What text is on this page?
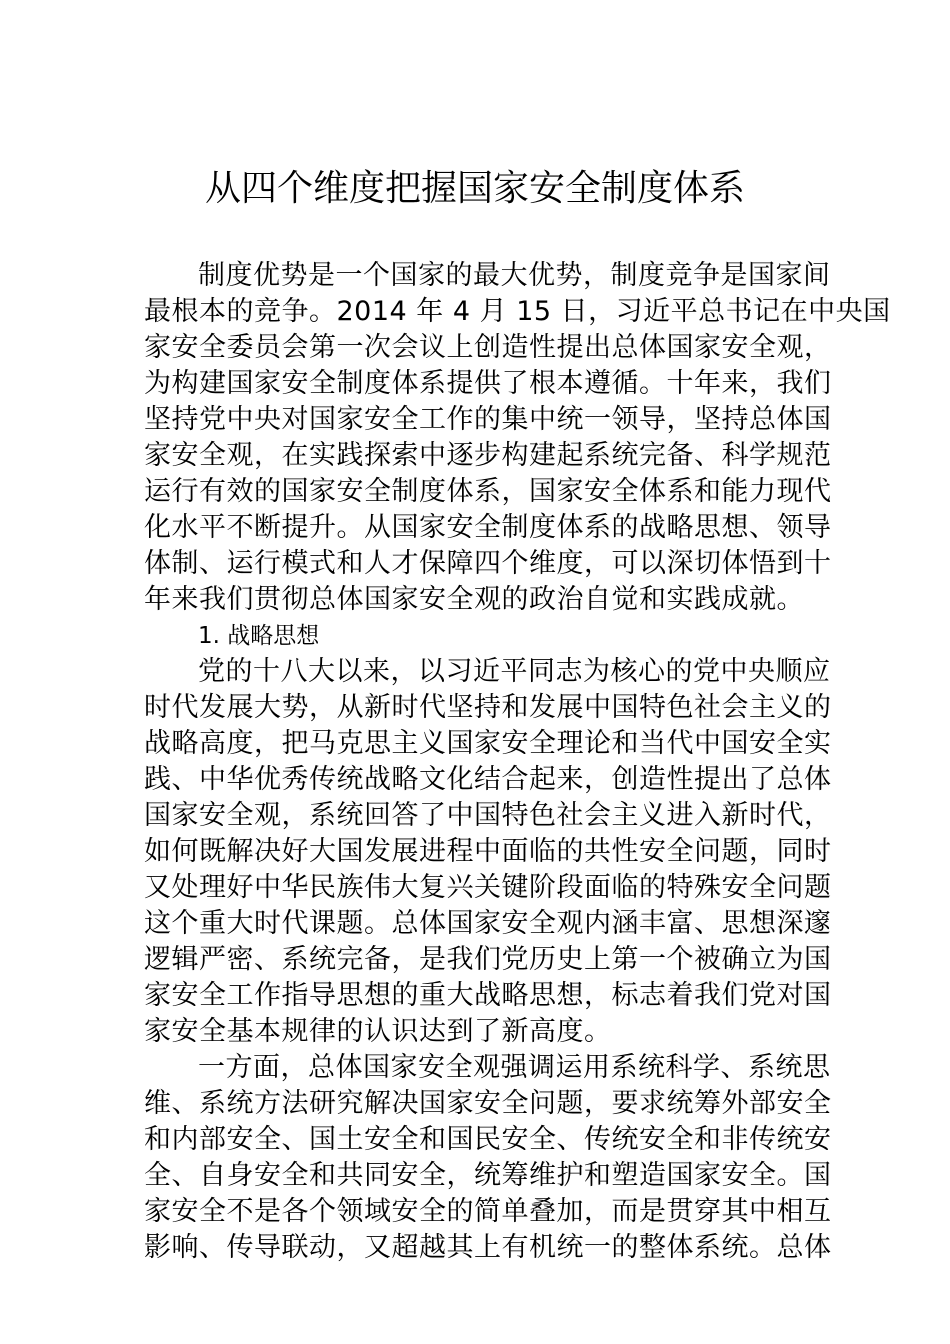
从四个维度把握国家安全制度体系
制度优势是一个国家的最大优势，制度竞争是国家间
最根本的竞争。2014 年 4 月 15 日，习近平总书记在中央国
家安全委员会第一次会议上创造性提出总体国家安全观，
为构建国家安全制度体系提供了根本遵循。十年来，我们
坚持党中央对国家安全工作的集中统一领导，坚持总体国
家安全观，在实践探索中逐步构建起系统完备、科学规范
运行有效的国家安全制度体系，国家安全体系和能力现代
化水平不断提升。从国家安全制度体系的战略思想、领导
体制、运行模式和人才保障四个维度，可以深切体悟到十
年来我们贯彻总体国家安全观的政治自觉和实践成就。
1. 战略思想
党的十八大以来，以习近平同志为核心的党中央顺应
时代发展大势，从新时代坚持和发展中国特色社会主义的
战略高度，把马克思主义国家安全理论和当代中国安全实
践、中华优秀传统战略文化结合起来，创造性提出了总体
国家安全观，系统回答了中国特色社会主义进入新时代，
如何既解决好大国发展进程中面临的共性安全问题，同时
又处理好中华民族伟大复兴关键阶段面临的特殊安全问题
这个重大时代课题。总体国家安全观内涵丰富、思想深邃
逻辑严密、系统完备，是我们党历史上第一个被确立为国
家安全工作指导思想的重大战略思想，标志着我们党对国
家安全基本规律的认识达到了新高度。
一方面，总体国家安全观强调运用系统科学、系统思
维、系统方法研究解决国家安全问题，要求统筹外部安全
和内部安全、国土安全和国民安全、传统安全和非传统安
全、自身安全和共同安全，统筹维护和塑造国家安全。国
家安全不是各个领域安全的简单叠加，而是贯穿其中相互
影响、传导联动，又超越其上有机统一的整体系统。总体
